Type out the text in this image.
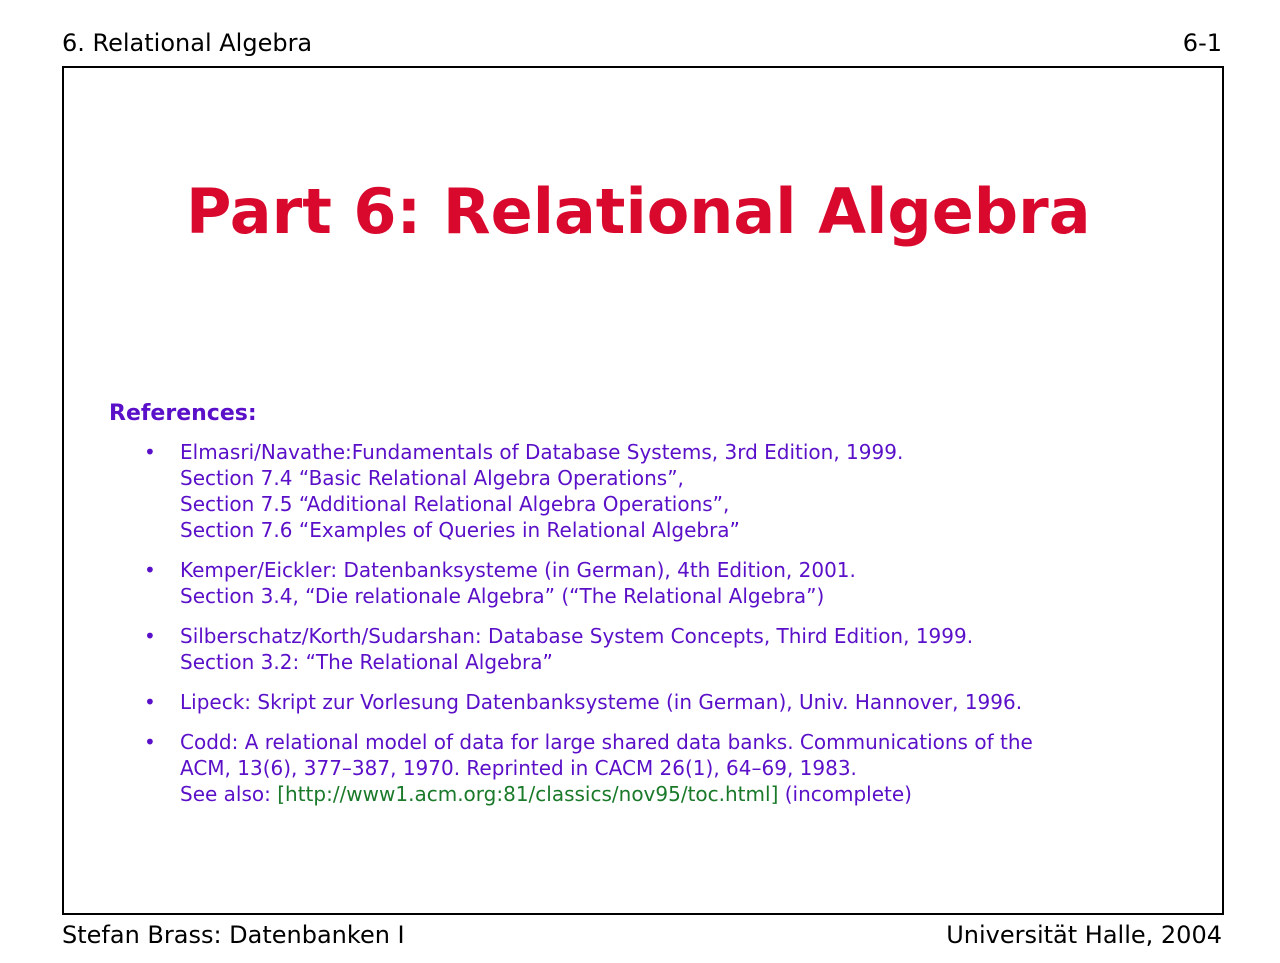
6. Relational Algebra	6-1
Part 6: Relational Algebra
References:
• Elmasri/Navathe:Fundamentals of Database Systems, 3rd Edition, 1999.
Section 7.4 “Basic Relational Algebra Operations”,
Section 7.5 “Additional Relational Algebra Operations”,
Section 7.6 “Examples of Queries in Relational Algebra”
• Kemper/Eickler: Datenbanksysteme (in German), 4th Edition, 2001.
Section 3.4, “Die relationale Algebra” (“The Relational Algebra”)
• Silberschatz/Korth/Sudarshan: Database System Concepts, Third Edition, 1999.
Section 3.2: “The Relational Algebra”
• Lipeck: Skript zur Vorlesung Datenbanksysteme (in German), Univ. Hannover, 1996.
• Codd: A relational model of data for large shared data banks. Communications of the
ACM, 13(6), 377–387, 1970. Reprinted in CACM 26(1), 64–69, 1983.
See also: [http://www1.acm.org:81/classics/nov95/toc.html] (incomplete)
Stefan Brass: Datenbanken I	Universität Halle, 2004
